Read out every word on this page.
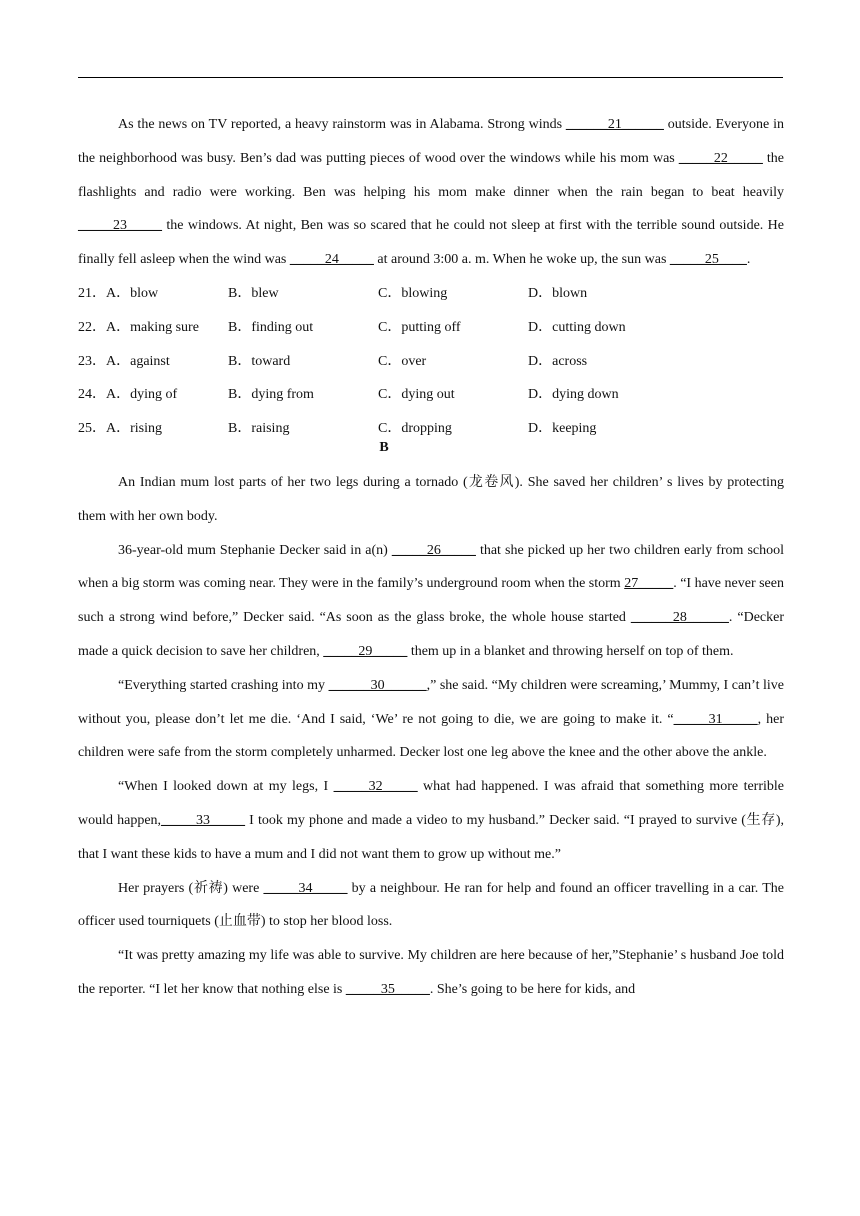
As the news on TV reported, a heavy rainstorm was in Alabama. Strong winds ______21______ outside. Everyone in the neighborhood was busy. Ben’s dad was putting pieces of wood over the windows while his mom was _____22_____ the flashlights and radio were working. Ben was helping his mom make dinner when the rain began to beat heavily _____23_____ the windows. At night, Ben was so scared that he could not sleep at first with the terrible sound outside. He finally fell asleep when the wind was _____24_____ at around 3:00 a. m. When he woke up, the sun was _____25____.

21．A．blow	B．blew	C．blowing	D．blown
22．A．making sure	B．finding out	C．putting off	D．cutting down
23．A．against	B．toward	C．over	D．across
24．A．dying of	B．dying from	C．dying out	D．dying down
25．A．rising	B．raising	C．dropping	D．keeping
B

An Indian mum lost parts of her two legs during a tornado (龙卷风). She saved her children’ s lives by protecting them with her own body.

36-year-old mum Stephanie Decker said in a(n) _____26_____ that she picked up her two children early from school when a big storm was coming near. They were in the family’s underground room when the storm 27_____. “I have never seen such a strong wind before,” Decker said. “As soon as the glass broke, the whole house started ______28______. “Decker made a quick decision to save her children, _____29_____ them up in a blanket and throwing herself on top of them.

“Everything started crashing into my ______30______,” she said. “My children were screaming,’ Mummy, I can’t live without you, please don’t let me die. ‘And I said, ‘We’ re not going to die, we are going to make it. “_____31_____, her children were safe from the storm completely unharmed. Decker lost one leg above the knee and the other above the ankle.

“When I looked down at my legs, I _____32_____ what had happened. I was afraid that something more terrible would happen,_____33_____ I took my phone and made a video to my husband.” Decker said. “I prayed to survive (生存), that I want these kids to have a mum and I did not want them to grow up without me.”

Her prayers (祈祷) were _____34_____ by a neighbour. He ran for help and found an officer travelling in a car. The officer used tourniquets (止血带) to stop her blood loss.

“It was pretty amazing my life was able to survive. My children are here because of her,”Stephanie’ s husband Joe told the reporter. “I let her know that nothing else is _____35_____. She’s going to be here for kids, and
